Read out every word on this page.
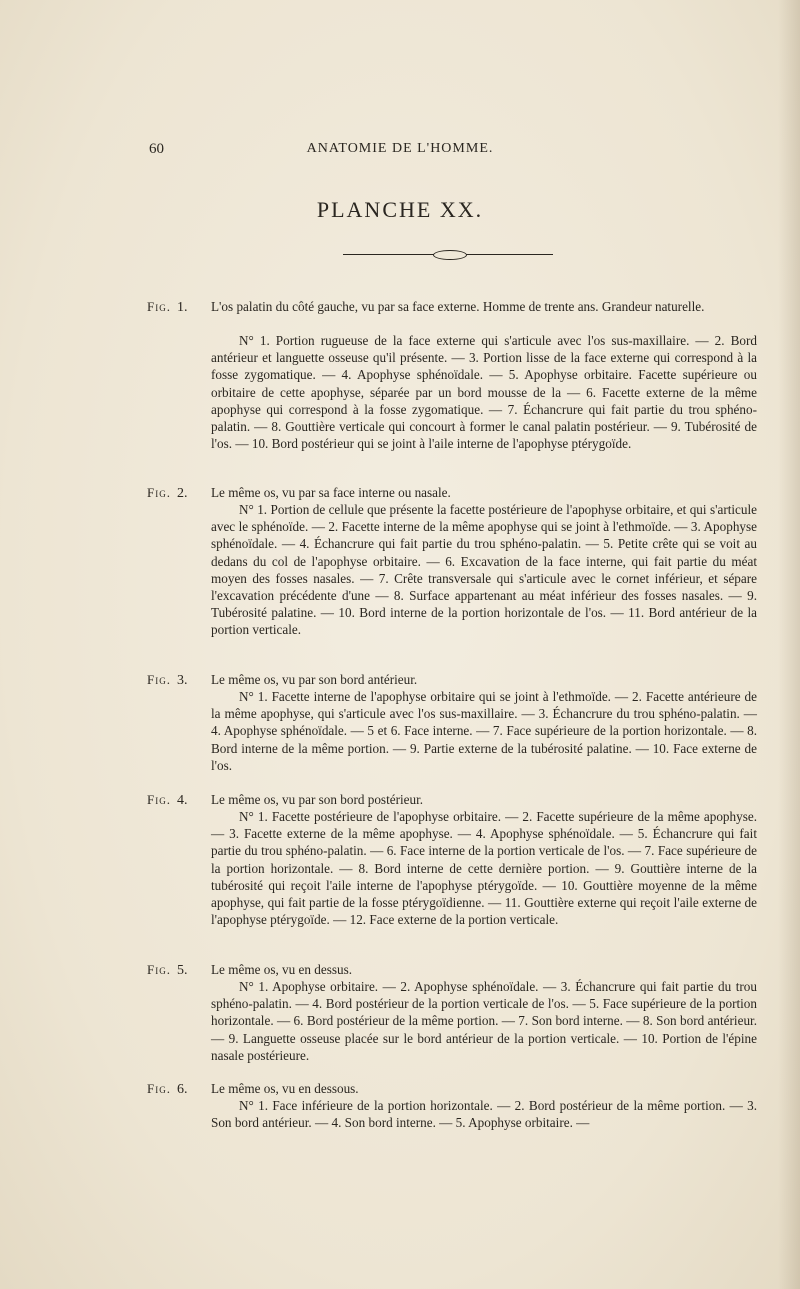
60	ANATOMIE DE L'HOMME.
PLANCHE XX.
Fig. 1. L'os palatin du côté gauche, vu par sa face externe. Homme de trente ans. Grandeur naturelle.
N° 1. Portion rugueuse de la face externe qui s'articule avec l'os sus-maxillaire. — 2. Bord antérieur et languette osseuse qu'il présente. — 3. Portion lisse de la face externe qui correspond à la fosse zygomatique. — 4. Apophyse sphénoïdale. — 5. Apophyse orbitaire. Facette supérieure ou orbitaire de cette apophyse, séparée par un bord mousse de la — 6. Facette externe de la même apophyse qui correspond à la fosse zygomatique. — 7. Échancrure qui fait partie du trou sphéno-palatin. — 8. Gouttière verticale qui concourt à former le canal palatin postérieur. — 9. Tubérosité de l'os. — 10. Bord postérieur qui se joint à l'aile interne de l'apophyse ptérygoïde.
Fig. 2. Le même os, vu par sa face interne ou nasale.
N° 1. Portion de cellule que présente la facette postérieure de l'apophyse orbitaire, et qui s'articule avec le sphénoïde. — 2. Facette interne de la même apophyse qui se joint à l'ethmoïde. — 3. Apophyse sphénoïdale. — 4. Échancrure qui fait partie du trou sphéno-palatin. — 5. Petite crête qui se voit au dedans du col de l'apophyse orbitaire. — 6. Excavation de la face interne, qui fait partie du méat moyen des fosses nasales. — 7. Crête transversale qui s'articule avec le cornet inférieur, et sépare l'excavation précédente d'une — 8. Surface appartenant au méat inférieur des fosses nasales. — 9. Tubérosité palatine. — 10. Bord interne de la portion horizontale de l'os. — 11. Bord antérieur de la portion verticale.
Fig. 3. Le même os, vu par son bord antérieur.
N° 1. Facette interne de l'apophyse orbitaire qui se joint à l'ethmoïde. — 2. Facette antérieure de la même apophyse, qui s'articule avec l'os sus-maxillaire. — 3. Échancrure du trou sphéno-palatin. — 4. Apophyse sphénoïdale. — 5 et 6. Face interne. — 7. Face supérieure de la portion horizontale. — 8. Bord interne de la même portion. — 9. Partie externe de la tubérosité palatine. — 10. Face externe de l'os.
Fig. 4. Le même os, vu par son bord postérieur.
N° 1. Facette postérieure de l'apophyse orbitaire. — 2. Facette supérieure de la même apophyse. — 3. Facette externe de la même apophyse. — 4. Apophyse sphénoïdale. — 5. Échancrure qui fait partie du trou sphéno-palatin. — 6. Face interne de la portion verticale de l'os. — 7. Face supérieure de la portion horizontale. — 8. Bord interne de cette dernière portion. — 9. Gouttière interne de la tubérosité qui reçoit l'aile interne de l'apophyse ptérygoïde. — 10. Gouttière moyenne de la même apophyse, qui fait partie de la fosse ptérygoïdienne. — 11. Gouttière externe qui reçoit l'aile externe de l'apophyse ptérygoïde. — 12. Face externe de la portion verticale.
Fig. 5. Le même os, vu en dessus.
N° 1. Apophyse orbitaire. — 2. Apophyse sphénoïdale. — 3. Échancrure qui fait partie du trou sphéno-palatin. — 4. Bord postérieur de la portion verticale de l'os. — 5. Face supérieure de la portion horizontale. — 6. Bord postérieur de la même portion. — 7. Son bord interne. — 8. Son bord antérieur. — 9. Languette osseuse placée sur le bord antérieur de la portion verticale. — 10. Portion de l'épine nasale postérieure.
Fig. 6. Le même os, vu en dessous.
N° 1. Face inférieure de la portion horizontale. — 2. Bord postérieur de la même portion. — 3. Son bord antérieur. — 4. Son bord interne. — 5. Apophyse orbitaire. —
